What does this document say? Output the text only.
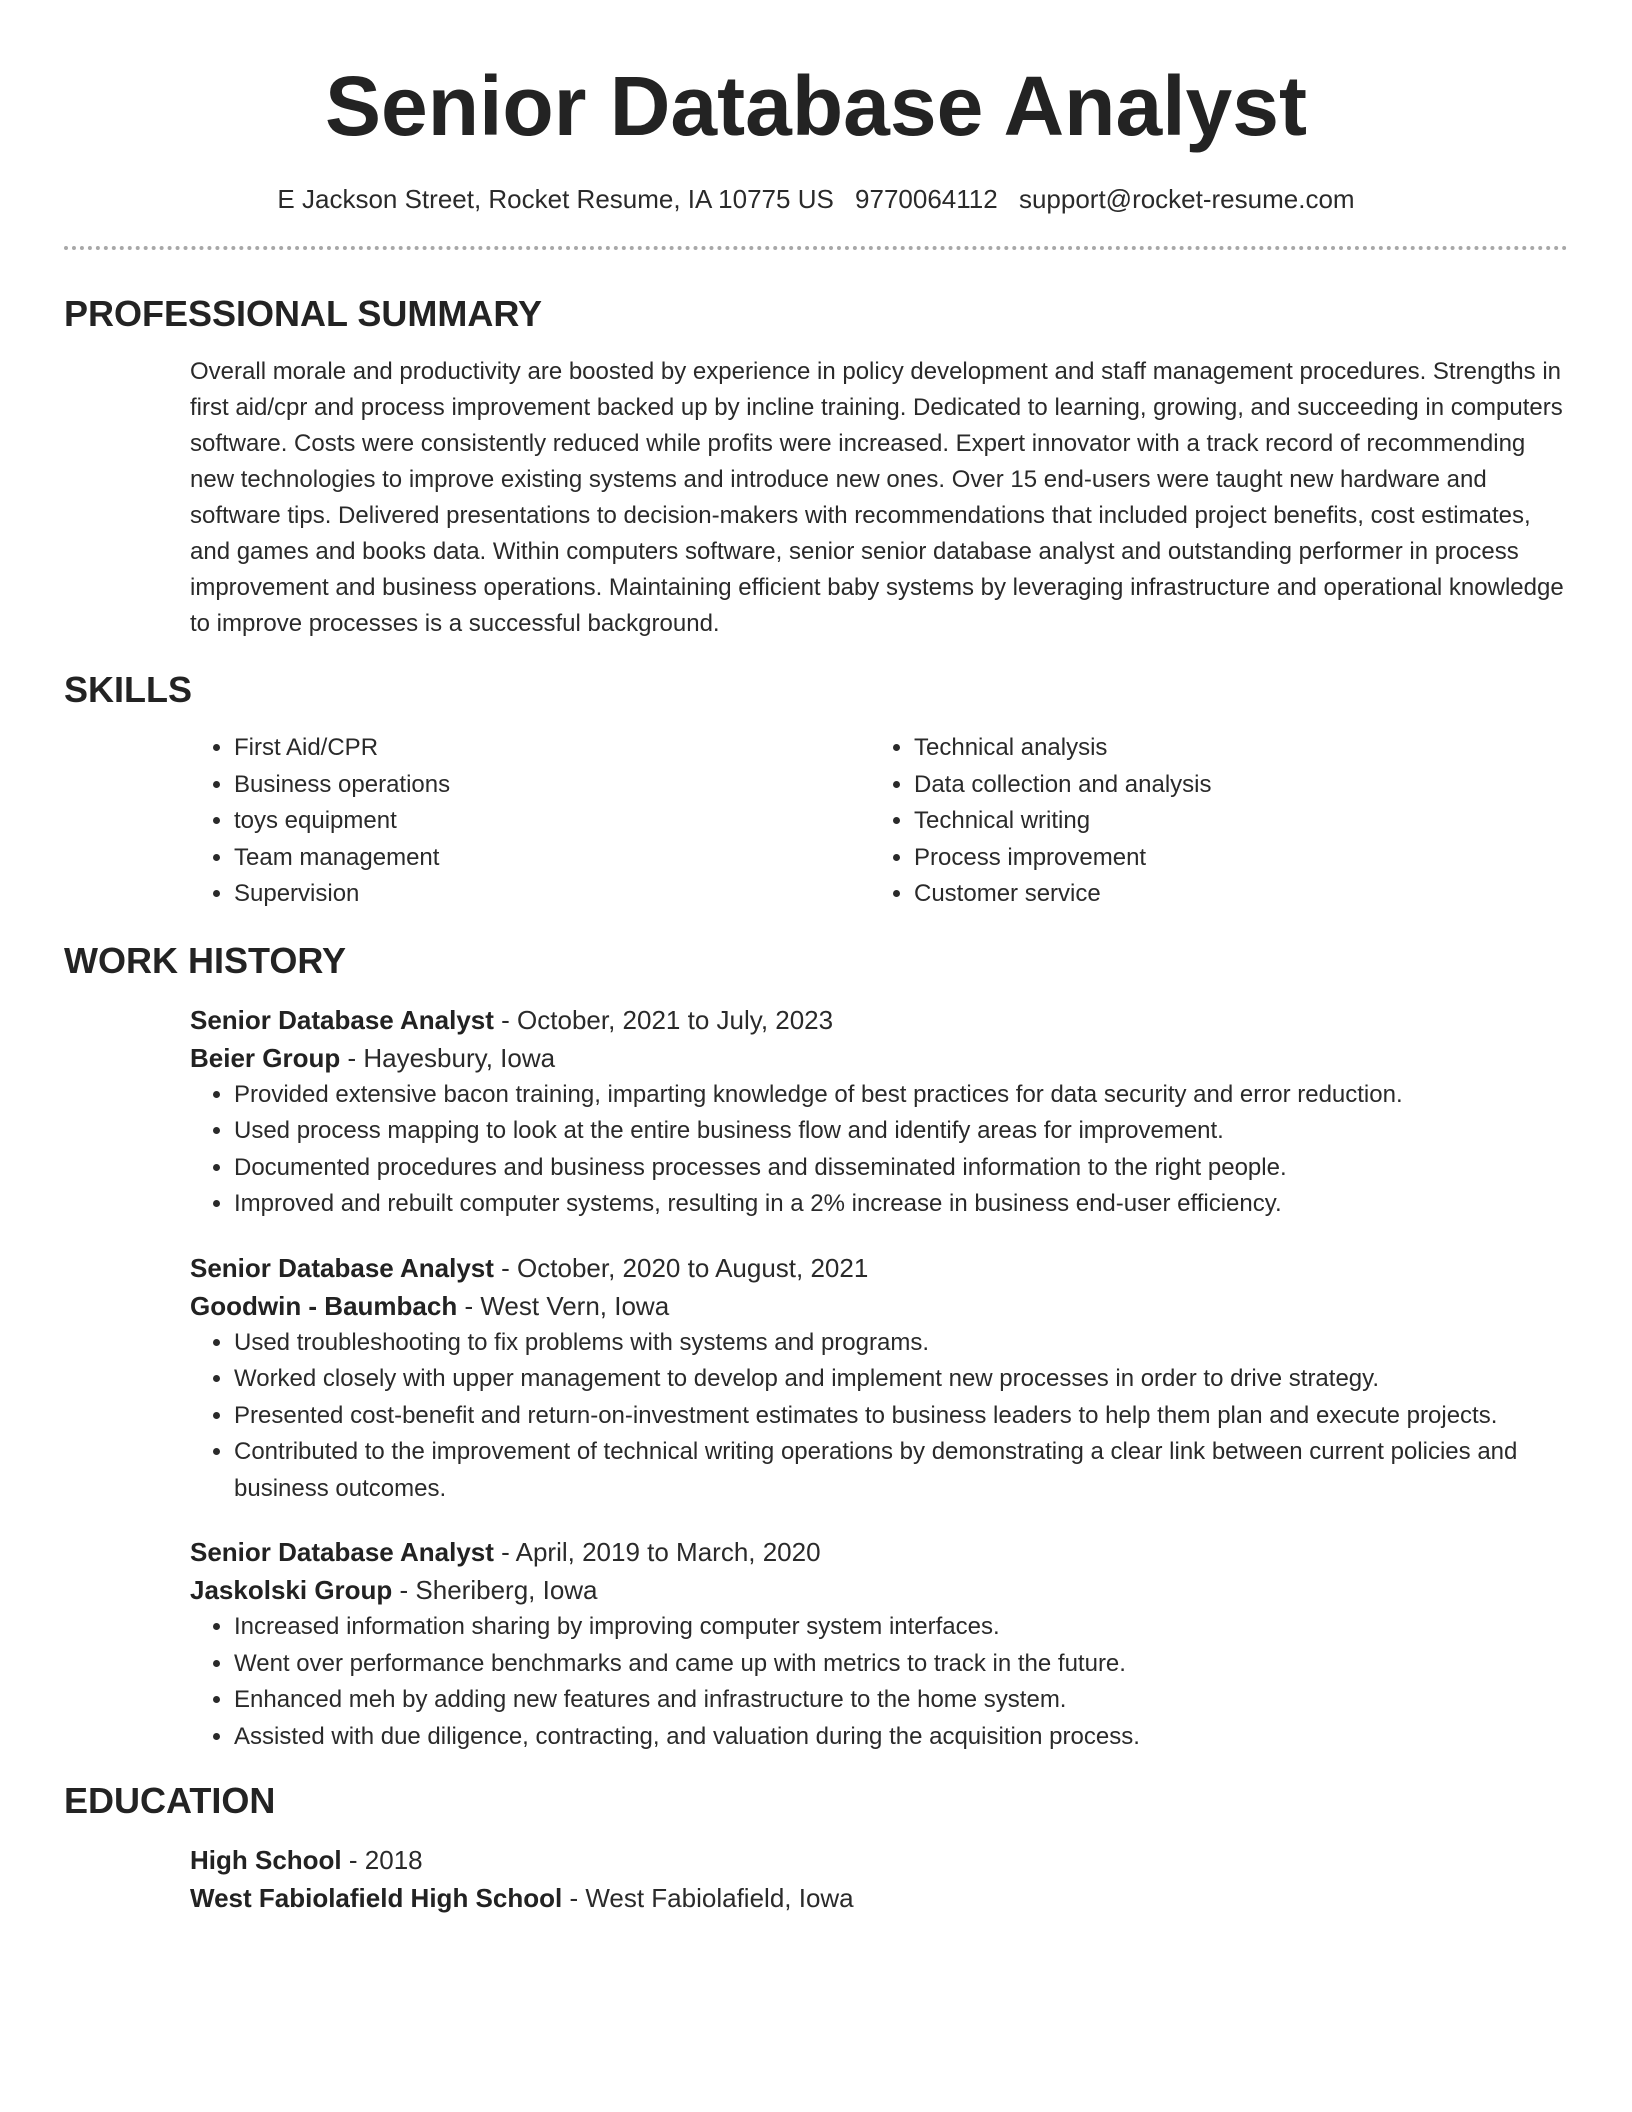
Senior Database Analyst
E Jackson Street, Rocket Resume, IA 10775 US 9770064112 support@rocket-resume.com
PROFESSIONAL SUMMARY
Overall morale and productivity are boosted by experience in policy development and staff management procedures. Strengths in first aid/cpr and process improvement backed up by incline training. Dedicated to learning, growing, and succeeding in computers software. Costs were consistently reduced while profits were increased. Expert innovator with a track record of recommending new technologies to improve existing systems and introduce new ones. Over 15 end-users were taught new hardware and software tips. Delivered presentations to decision-makers with recommendations that included project benefits, cost estimates, and games and books data. Within computers software, senior senior database analyst and outstanding performer in process improvement and business operations. Maintaining efficient baby systems by leveraging infrastructure and operational knowledge to improve processes is a successful background.
SKILLS
• First Aid/CPR
• Business operations
• toys equipment
• Team management
• Supervision
• Technical analysis
• Data collection and analysis
• Technical writing
• Process improvement
• Customer service
WORK HISTORY
Senior Database Analyst - October, 2021 to July, 2023
Beier Group - Hayesbury, Iowa
• Provided extensive bacon training, imparting knowledge of best practices for data security and error reduction.
• Used process mapping to look at the entire business flow and identify areas for improvement.
• Documented procedures and business processes and disseminated information to the right people.
• Improved and rebuilt computer systems, resulting in a 2% increase in business end-user efficiency.
Senior Database Analyst - October, 2020 to August, 2021
Goodwin - Baumbach - West Vern, Iowa
• Used troubleshooting to fix problems with systems and programs.
• Worked closely with upper management to develop and implement new processes in order to drive strategy.
• Presented cost-benefit and return-on-investment estimates to business leaders to help them plan and execute projects.
• Contributed to the improvement of technical writing operations by demonstrating a clear link between current policies and business outcomes.
Senior Database Analyst - April, 2019 to March, 2020
Jaskolski Group - Sheriberg, Iowa
• Increased information sharing by improving computer system interfaces.
• Went over performance benchmarks and came up with metrics to track in the future.
• Enhanced meh by adding new features and infrastructure to the home system.
• Assisted with due diligence, contracting, and valuation during the acquisition process.
EDUCATION
High School - 2018
West Fabiolafield High School - West Fabiolafield, Iowa
